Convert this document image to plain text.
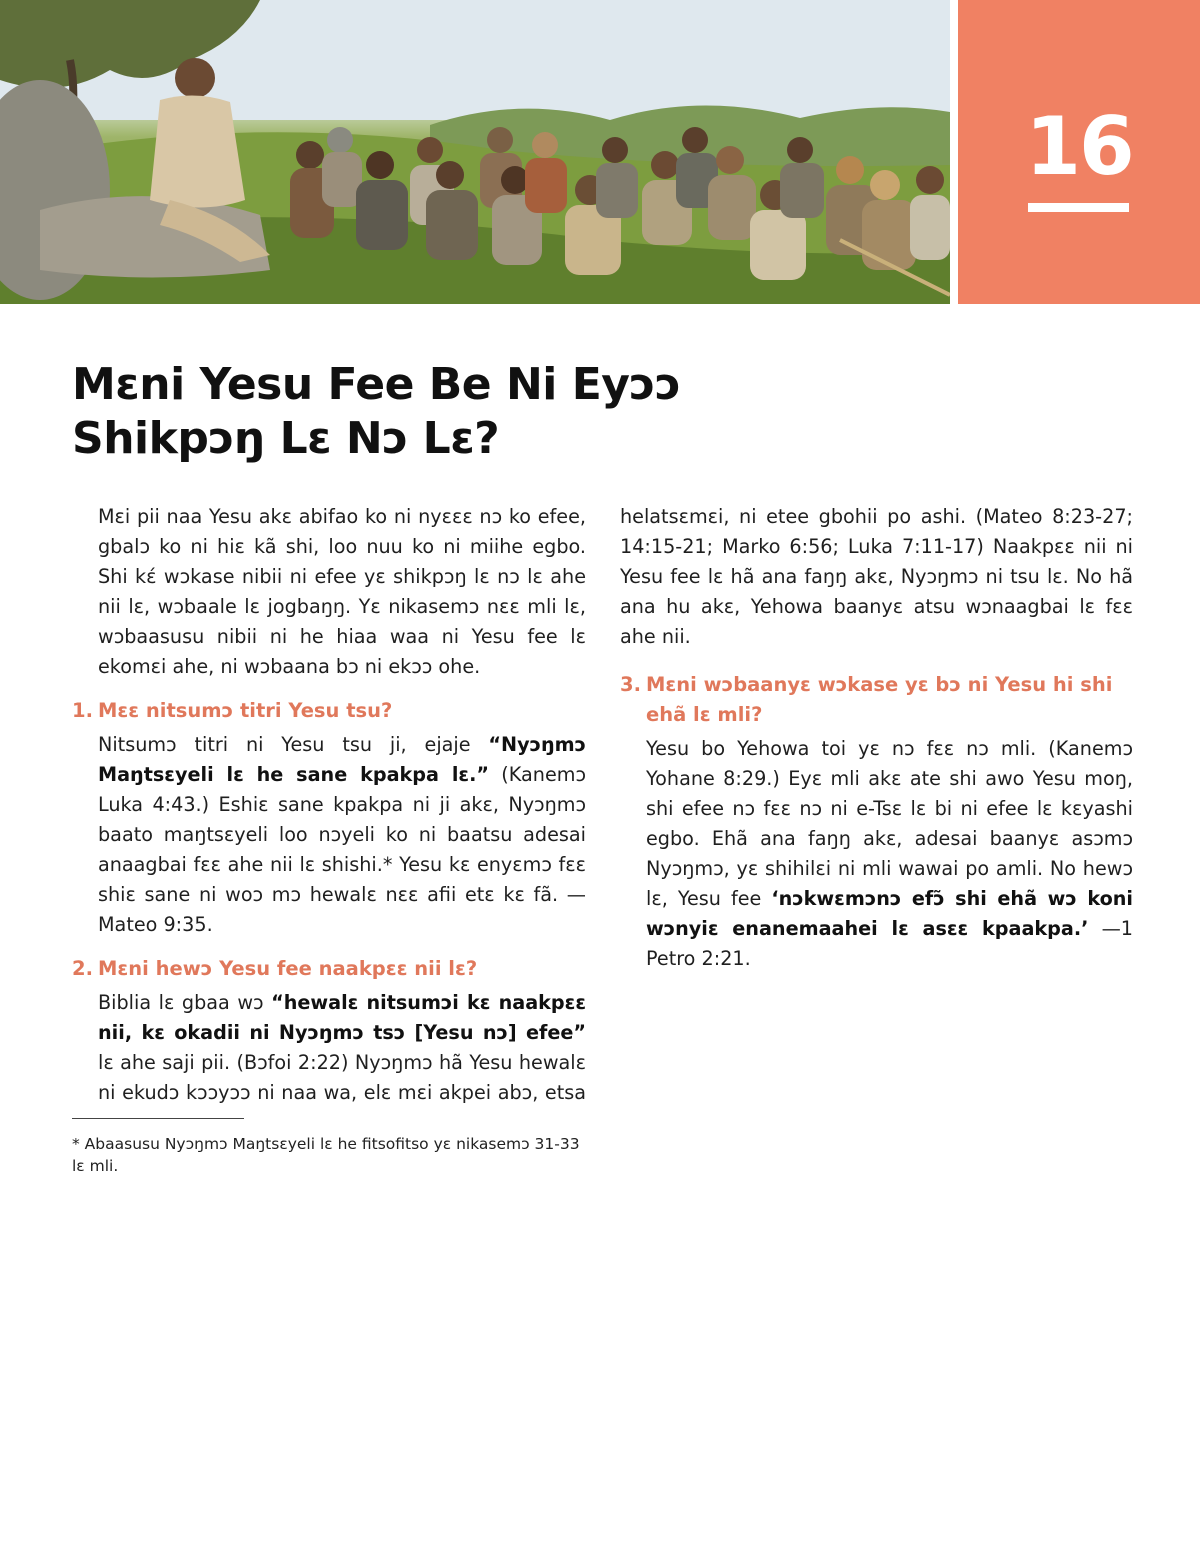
16
Mɛni Yesu Fee Be Ni Eyɔɔ
Shikpɔŋ Lɛ Nɔ Lɛ?

Mɛi pii naa Yesu akɛ abifao ko ni nyɛɛɛ nɔ ko efee, gbalɔ ko ni hiɛ kã shi, loo nuu ko ni miihe egbo. Shi kɛ́ wɔkase nibii ni efee yɛ shikpɔŋ lɛ nɔ lɛ ahe nii lɛ, wɔbaale lɛ jogbaŋŋ. Yɛ nikasemɔ nɛɛ mli lɛ, wɔbaasusu nibii ni he hiaa waa ni Yesu fee lɛ ekomɛi ahe, ni wɔbaana bɔ ni ekɔɔ ohe.

1. Mɛɛ nitsumɔ titri Yesu tsu?

Nitsumɔ titri ni Yesu tsu ji, ejaje “Nyɔŋmɔ Maŋtsɛyeli lɛ he sane kpakpa lɛ.” (Kanemɔ Luka 4:43.) Eshiɛ sane kpakpa ni ji akɛ, Nyɔŋmɔ baato maŋtsɛyeli loo nɔyeli ko ni baatsu adesai anaagbai fɛɛ ahe nii lɛ shishi.* Yesu kɛ enyɛmɔ fɛɛ shiɛ sane ni woɔ mɔ hewalɛ nɛɛ afii etɛ kɛ fã. —Mateo 9:35.

2. Mɛni hewɔ Yesu fee naakpɛɛ nii lɛ?

Biblia lɛ gbaa wɔ “hewalɛ nitsumɔi kɛ naakpɛɛ nii, kɛ okadii ni Nyɔŋmɔ tsɔ [Yesu nɔ] efee” lɛ ahe saji pii. (Bɔfoi 2:22) Nyɔŋmɔ hã Yesu hewalɛ ni ekudɔ kɔɔyɔɔ ni naa wa, elɛ mɛi akpei abɔ, etsa

* Abaasusu Nyɔŋmɔ Maŋtsɛyeli lɛ he fitsofitso yɛ nikasemɔ 31-33 lɛ mli.

helatsɛmɛi, ni etee gbohii po ashi. (Mateo 8:23-27; 14:15-21; Marko 6:56; Luka 7:11-17) Naakpɛɛ nii ni Yesu fee lɛ hã ana faŋŋ akɛ, Nyɔŋmɔ ni tsu lɛ. No hã ana hu akɛ, Yehowa baanyɛ atsu wɔnaagbai lɛ fɛɛ ahe nii.

3. Mɛni wɔbaanyɛ wɔkase yɛ bɔ ni Yesu hi shi ehã lɛ mli?

Yesu bo Yehowa toi yɛ nɔ fɛɛ nɔ mli. (Kanemɔ Yohane 8:29.) Eyɛ mli akɛ ate shi awo Yesu moŋ, shi efee nɔ fɛɛ nɔ ni e-Tsɛ lɛ bi ni efee lɛ kɛyashi egbo. Ehã ana faŋŋ akɛ, adesai baanyɛ asɔmɔ Nyɔŋmɔ, yɛ shihilɛi ni mli wawai po amli. No hewɔ lɛ, Yesu fee ‘nɔkwɛmɔnɔ efɔ̃ shi ehã wɔ koni wɔnyiɛ enanemaahei lɛ asɛɛ kpaakpa.’ —1 Petro 2:21.
